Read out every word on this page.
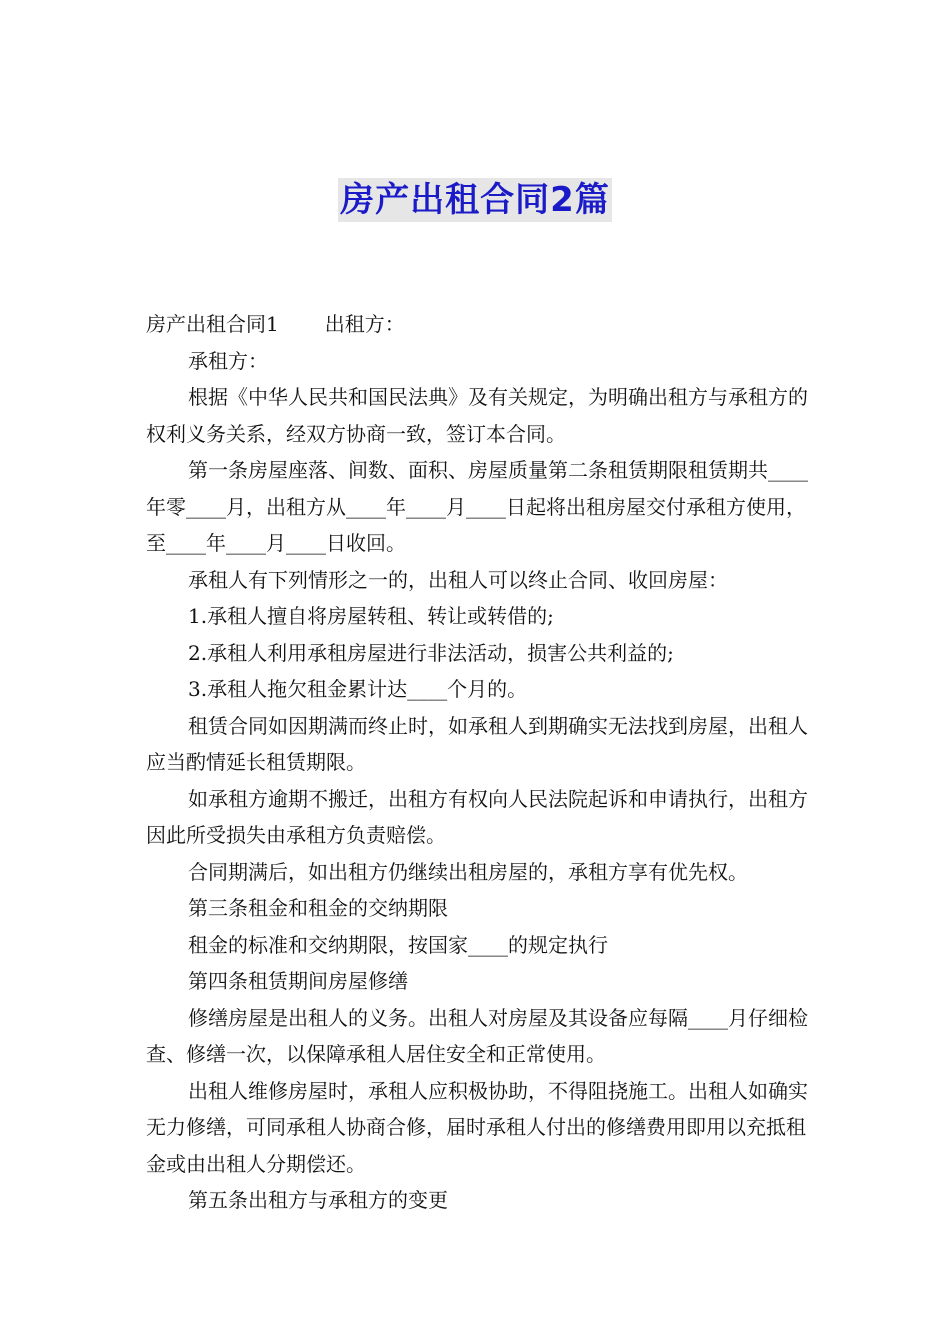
房产出租合同2篇

房产出租合同1 出租方：

承租方：

根据《中华人民共和国民法典》及有关规定，为明确出租方与承租方的权利义务关系，经双方协商一致，签订本合同。

第一条房屋座落、间数、面积、房屋质量第二条租赁期限租赁期共____年零____月，出租方从____年____月____日起将出租房屋交付承租方使用，至____年____月____日收回。

承租人有下列情形之一的，出租人可以终止合同、收回房屋：

1.承租人擅自将房屋转租、转让或转借的;

2.承租人利用承租房屋进行非法活动，损害公共利益的;

3.承租人拖欠租金累计达____个月的。

租赁合同如因期满而终止时，如承租人到期确实无法找到房屋，出租人应当酌情延长租赁期限。

如承租方逾期不搬迁，出租方有权向人民法院起诉和申请执行，出租方因此所受损失由承租方负责赔偿。

合同期满后，如出租方仍继续出租房屋的，承租方享有优先权。

第三条租金和租金的交纳期限

租金的标准和交纳期限，按国家____的规定执行

第四条租赁期间房屋修缮

修缮房屋是出租人的义务。出租人对房屋及其设备应每隔____月仔细检查、修缮一次，以保障承租人居住安全和正常使用。

出租人维修房屋时，承租人应积极协助，不得阻挠施工。出租人如确实无力修缮，可同承租人协商合修，届时承租人付出的修缮费用即用以充抵租金或由出租人分期偿还。

第五条出租方与承租方的变更
